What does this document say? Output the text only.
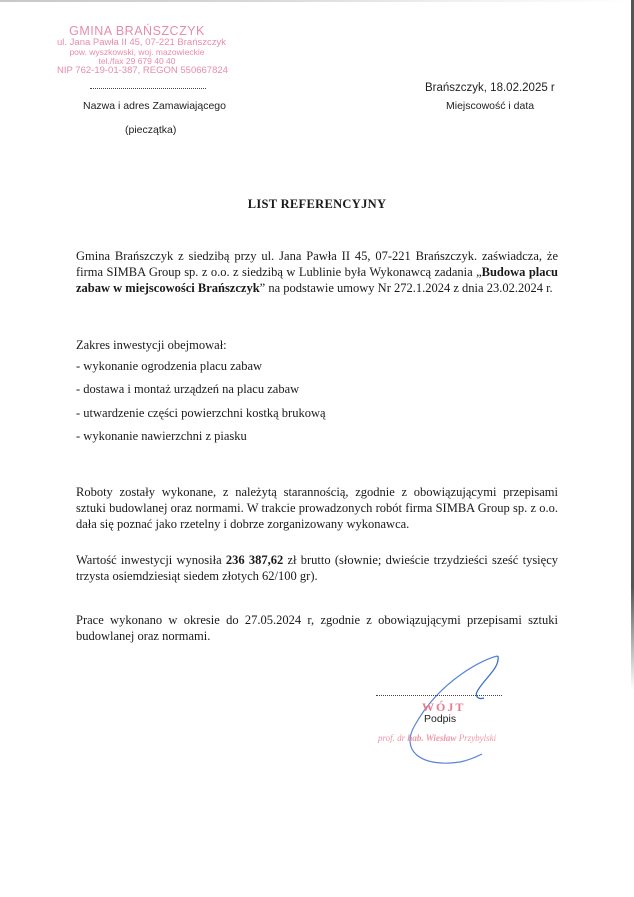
GMINA BRAŃSZCZYK
ul. Jana Pawła II 45, 07-221 Brańszczyk
pow. wyszkowski, woj. mazowieckie
tel./fax 29 679 40 40
NIP 762-19-01-387, REGON 550667824
Nazwa i adres Zamawiającego
(pieczątka)
Brańszczyk, 18.02.2025 r
Miejscowość i data
LIST REFERENCYJNY
Gmina Brańszczyk z siedzibą przy ul. Jana Pawła II 45, 07-221 Brańszczyk. zaświadcza, że firma SIMBA Group sp. z o.o. z siedzibą w Lublinie była Wykonawcą zadania „Budowa placu zabaw w miejscowości Brańszczyk” na podstawie umowy Nr 272.1.2024 z dnia 23.02.2024 r.
Zakres inwestycji obejmował:
- wykonanie ogrodzenia placu zabaw
- dostawa i montaż urządzeń na placu zabaw
- utwardzenie części powierzchni kostką brukową
- wykonanie nawierzchni z piasku
Roboty zostały wykonane, z należytą starannością, zgodnie z obowiązującymi przepisami sztuki budowlanej oraz normami. W trakcie prowadzonych robót firma SIMBA Group sp. z o.o. dała się poznać jako rzetelny i dobrze zorganizowany wykonawca.
Wartość inwestycji wynosiła 236 387,62 zł brutto (słownie; dwieście trzydzieści sześć tysięcy trzysta osiemdziesiąt siedem złotych 62/100 gr).
Prace wykonano w okresie do 27.05.2024 r, zgodnie z obowiązującymi przepisami sztuki budowlanej oraz normami.
WÓJT
Podpis
prof. dr hab. Wiesław Przybylski
